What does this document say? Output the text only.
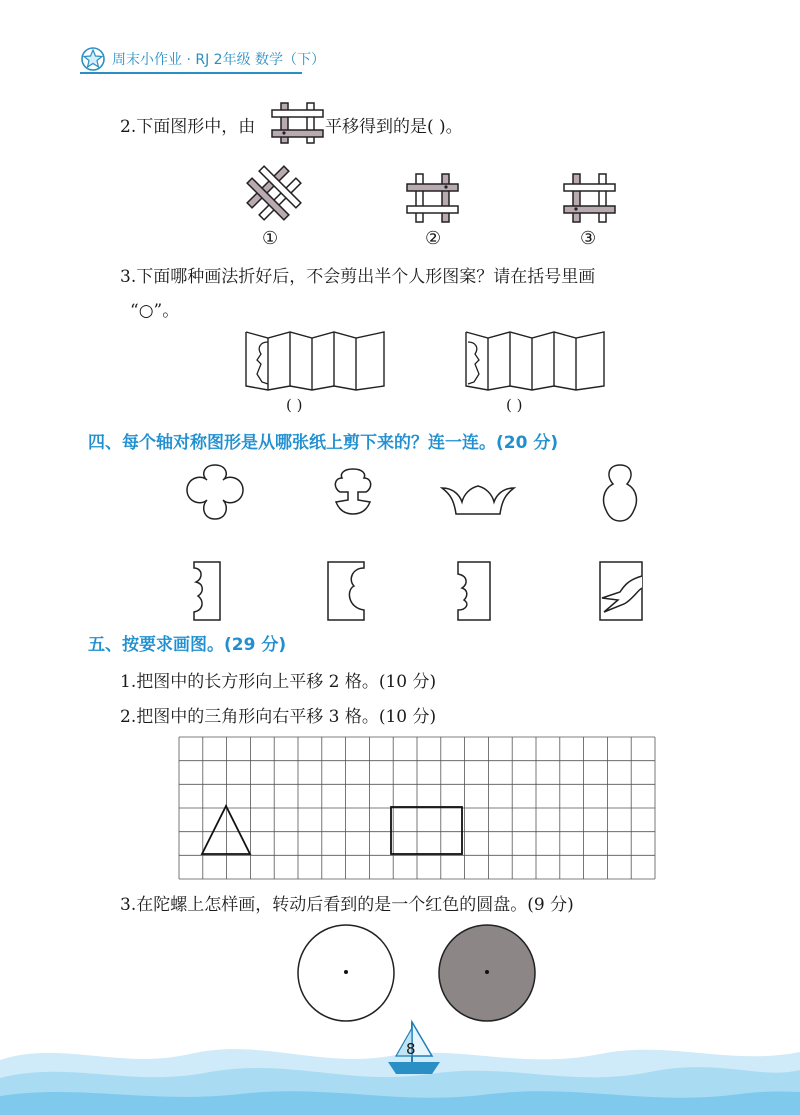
周末小作业 · RJ 2年级 数学（下）
2.下面图形中，由	平移得到的是( )。
①	②	③
3.下面哪种画法折好后，不会剪出半个人形图案？请在括号里画
“○”。
( )	( )
四、每个轴对称图形是从哪张纸上剪下来的？连一连。(20 分)
五、按要求画图。(29 分)
1.把图中的长方形向上平移 2 格。(10 分)
2.把图中的三角形向右平移 3 格。(10 分)
3.在陀螺上怎样画，转动后看到的是一个红色的圆盘。(9 分)
8
